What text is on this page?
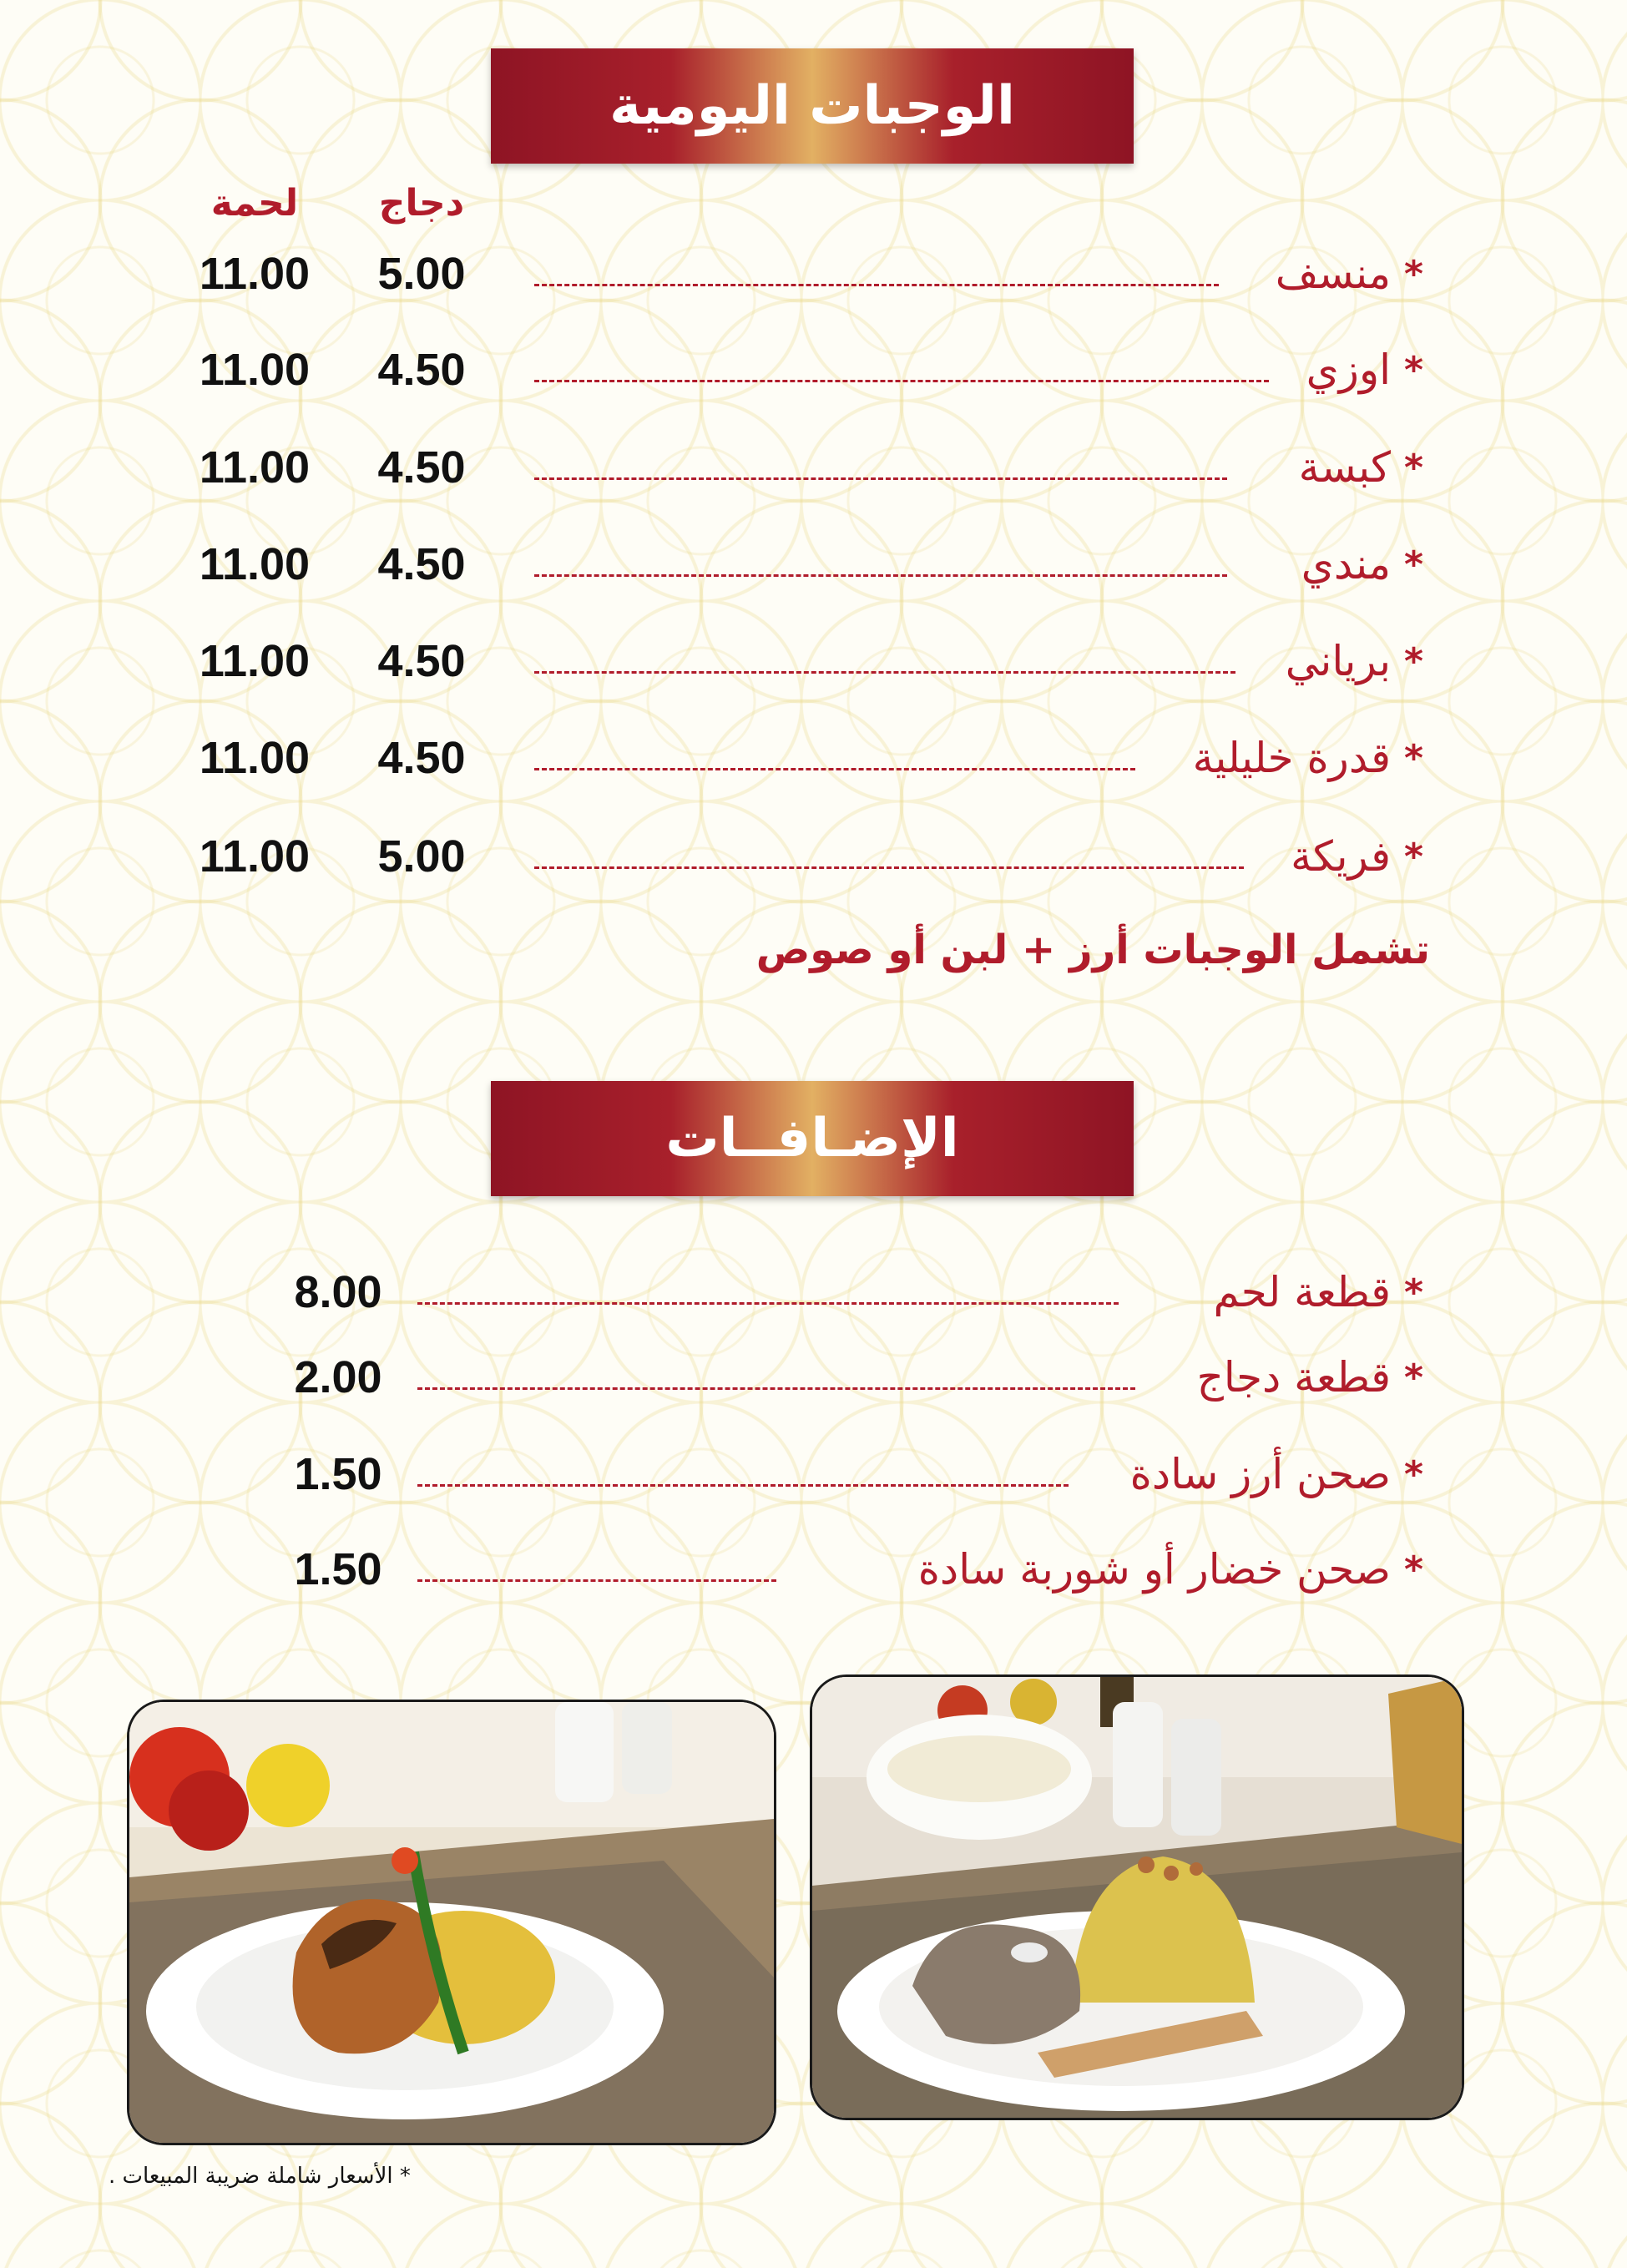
الوجبات اليومية
دجاج
لحمة
*
منسف
5.00
11.00
*
اوزي
4.50
11.00
*
كبسة
4.50
11.00
*
مندي
4.50
11.00
*
برياني
4.50
11.00
*
قدرة خليلية
4.50
11.00
*
فريكة
5.00
11.00
تشمل الوجبات أرز + لبن أو صوص
الإضـافــات
*
قطعة لحم
8.00
*
قطعة دجاج
2.00
*
صحن أرز سادة
1.50
*
صحن خضار أو شوربة سادة
1.50
* الأسعار شاملة ضريبة المبيعات .
